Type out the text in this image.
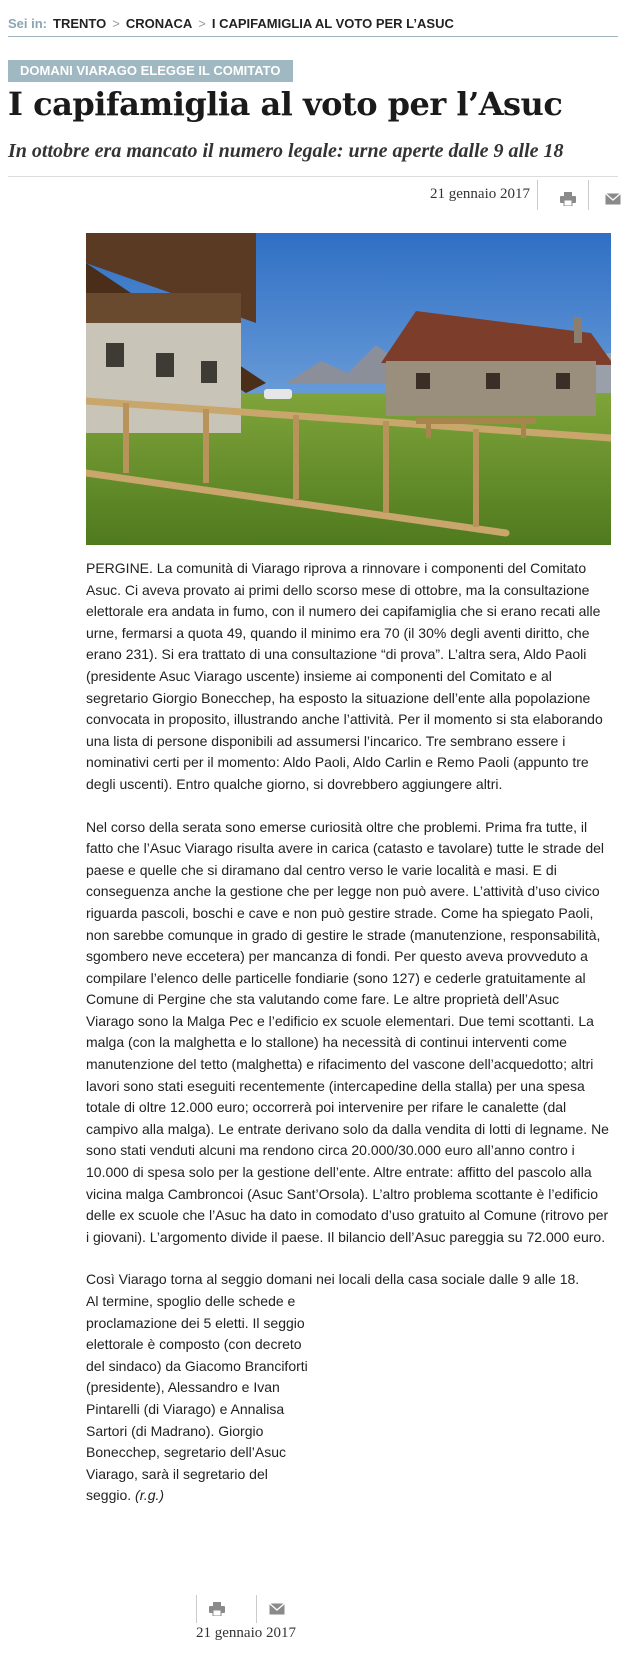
Sei in: TRENTO > CRONACA > I CAPIFAMIGLIA AL VOTO PER L’ASUC
DOMANI VIARAGO ELEGGE IL COMITATO
I capifamiglia al voto per l’Asuc
In ottobre era mancato il numero legale: urne aperte dalle 9 alle 18
21 gennaio 2017

PERGINE. La comunità di Viarago riprova a rinnovare i componenti del Comitato Asuc. Ci aveva provato ai primi dello scorso mese di ottobre, ma la consultazione elettorale era andata in fumo, con il numero dei capifamiglia che si erano recati alle urne, fermarsi a quota 49, quando il minimo era 70 (il 30% degli aventi diritto, che erano 231). Si era trattato di una consultazione “di prova”. L’altra sera, Aldo Paoli (presidente Asuc Viarago uscente) insieme ai componenti del Comitato e al segretario Giorgio Bonecchер, ha esposto la situazione dell’ente alla popolazione convocata in proposito, illustrando anche l’attività. Per il momento si sta elaborando una lista di persone disponibili ad assumersi l’incarico. Tre sembrano essere i nominativi certi per il momento: Aldo Paoli, Aldo Carlin e Remo Paoli (appunto tre degli uscenti). Entro qualche giorno, si dovrebbero aggiungere altri.

Nel corso della serata sono emerse curiosità oltre che problemi. Prima fra tutte, il fatto che l’Asuc Viarago risulta avere in carica (catasto e tavolare) tutte le strade del paese e quelle che si diramano dal centro verso le varie località e masi. E di conseguenza anche la gestione che per legge non può avere. L’attività d’uso civico riguarda pascoli, boschi e cave e non può gestire strade. Come ha spiegato Paoli, non sarebbe comunque in grado di gestire le strade (manutenzione, responsabilità, sgombero neve eccetera) per mancanza di fondi. Per questo aveva provveduto a compilare l’elenco delle particelle fondiarie (sono 127) e cederle gratuitamente al Comune di Pergine che sta valutando come fare. Le altre proprietà dell’Asuc Viarago sono la Malga Pec e l’edificio ex scuole elementari. Due temi scottanti. La malga (con la malghetta e lo stallone) ha necessità di continui interventi come manutenzione del tetto (malghetta) e rifacimento del vascone dell’acquedotto; altri lavori sono stati eseguiti recentemente (intercapedine della stalla) per una spesa totale di oltre 12.000 euro; occorrerà poi intervenire per rifare le canalette (dal campivo alla malga). Le entrate derivano solo da dalla vendita di lotti di legname. Ne sono stati venduti alcuni ma rendono circa 20.000/30.000 euro all’anno contro i 10.000 di spesa solo per la gestione dell’ente. Altre entrate: affitto del pascolo alla vicina malga Cambroncoi (Asuc Sant’Orsola). L’altro problema scottante è l’edificio delle ex scuole che l’Asuc ha dato in comodato d’uso gratuito al Comune (ritrovo per i giovani). L’argomento divide il paese. Il bilancio dell’Asuc pareggia su 72.000 euro.

Così Viarago torna al seggio domani nei locali della casa sociale dalle 9 alle 18.
Al termine, spoglio delle schede e proclamazione dei 5 eletti. Il seggio elettorale è composto (con decreto del sindaco) da Giacomo Branciforti (presidente), Alessandro e Ivan Pintarelli (di Viarago) e Annalisa Sartori (di Madrano). Giorgio Bonecchер, segretario dell’Asuc Viarago, sarà il segretario del seggio. (r.g.)
21 gennaio 2017
